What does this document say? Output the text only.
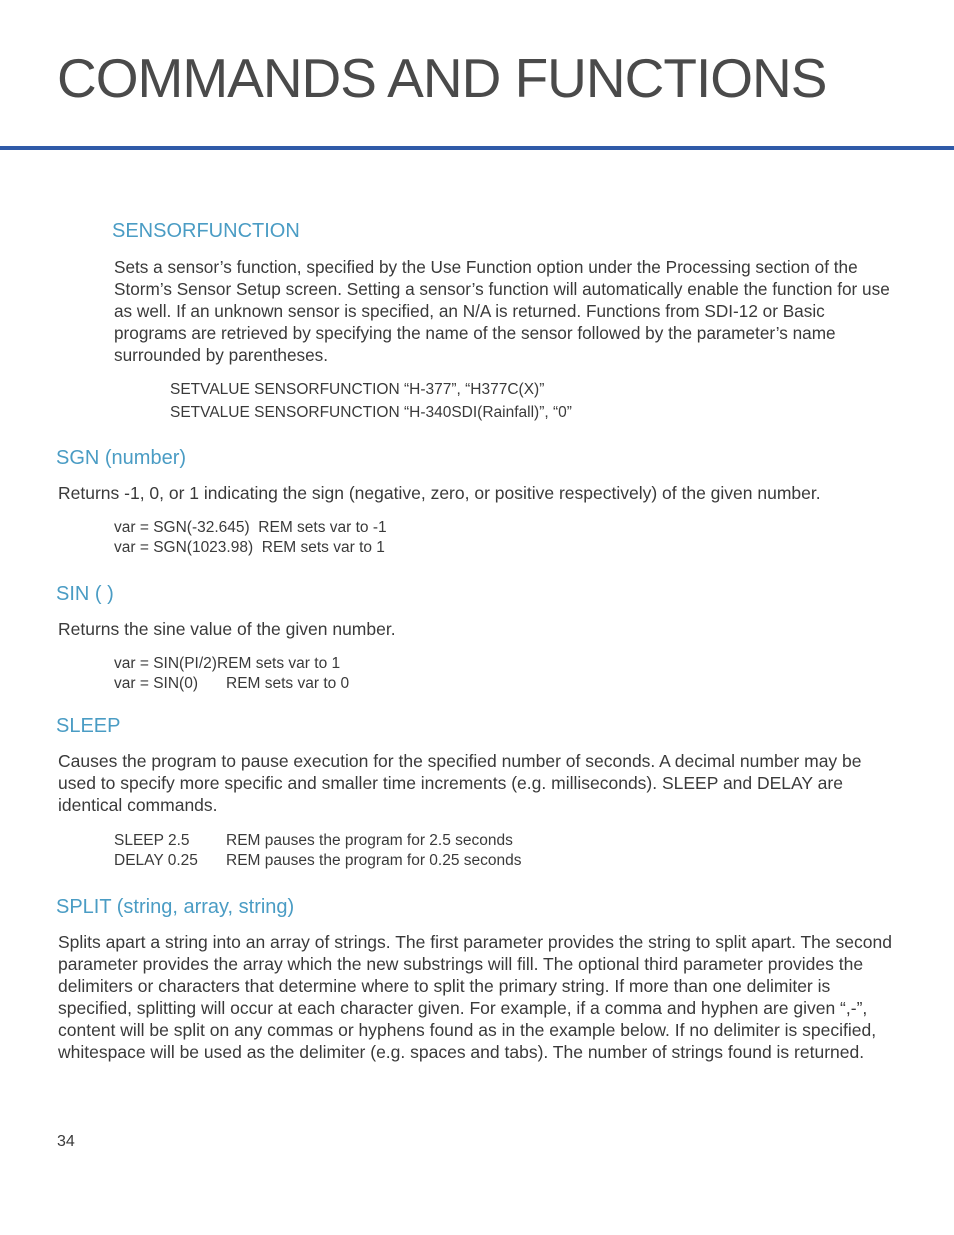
COMMANDS AND FUNCTIONS
SENSORFUNCTION

Sets a sensor’s function, specified by the Use Function option under the Processing section of the Storm’s Sensor Setup screen. Setting a sensor’s function will automatically enable the function for use as well. If an unknown sensor is specified, an N/A is returned. Functions from SDI-12 or Basic programs are retrieved by specifying the name of the sensor followed by the parameter’s name surrounded by parentheses.

SETVALUE SENSORFUNCTION “H-377”, “H377C(X)”
SETVALUE SENSORFUNCTION “H-340SDI(Rainfall)”, “0”
SGN (number)

Returns -1, 0, or 1 indicating the sign (negative, zero, or positive respectively) of the given number.

var = SGN(-32.645)  REM sets var to -1
var = SGN(1023.98)  REM sets var to 1
SIN ( )

Returns the sine value of the given number.

var = SIN(PI/2) REM sets var to 1
var = SIN(0)	REM sets var to 0
SLEEP

Causes the program to pause execution for the specified number of seconds. A decimal number may be used to specify more specific and smaller time increments (e.g. milliseconds). SLEEP and DELAY are identical commands.

SLEEP 2.5	REM pauses the program for 2.5 seconds
DELAY 0.25	REM pauses the program for 0.25 seconds
SPLIT (string, array, string)

Splits apart a string into an array of strings. The first parameter provides the string to split apart. The second parameter provides the array which the new substrings will fill. The optional third parameter provides the delimiters or characters that determine where to split the primary string. If more than one delimiter is specified, splitting will occur at each character given. For example, if a comma and hyphen are given “,-”, content will be split on any commas or hyphens found as in the example below. If no delimiter is specified, whitespace will be used as the delimiter (e.g. spaces and tabs). The number of strings found is returned.

34
